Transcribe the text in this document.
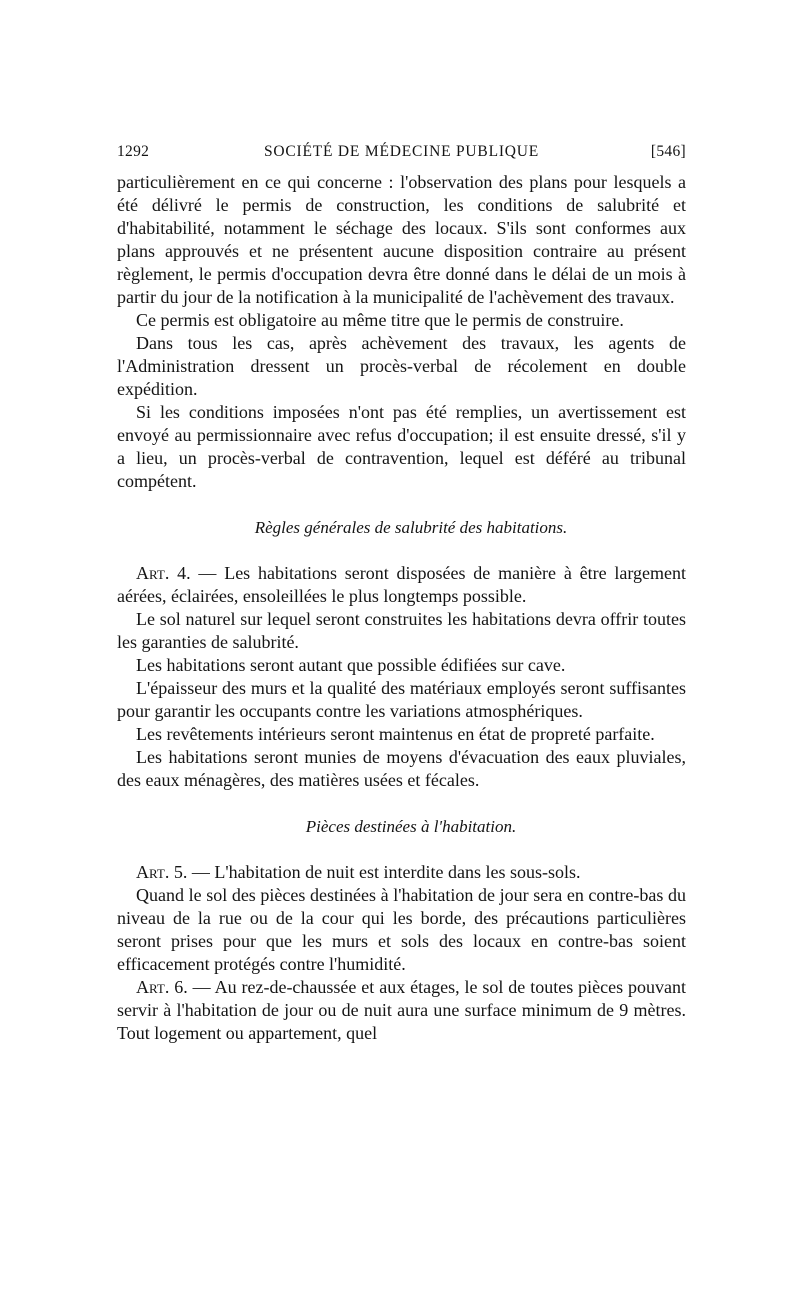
1292	SOCIÉTÉ DE MÉDECINE PUBLIQUE	[546]

particulièrement en ce qui concerne : l'observation des plans pour lesquels a été délivré le permis de construction, les conditions de salubrité et d'habitabilité, notamment le séchage des locaux. S'ils sont conformes aux plans approuvés et ne présentent aucune disposition contraire au présent règlement, le permis d'occupation devra être donné dans le délai de un mois à partir du jour de la notification à la municipalité de l'achèvement des travaux.

Ce permis est obligatoire au même titre que le permis de construire.

Dans tous les cas, après achèvement des travaux, les agents de l'Administration dressent un procès-verbal de récolement en double expédition.

Si les conditions imposées n'ont pas été remplies, un avertissement est envoyé au permissionnaire avec refus d'occupation; il est ensuite dressé, s'il y a lieu, un procès-verbal de contravention, lequel est déféré au tribunal compétent.

Règles générales de salubrité des habitations.

Art. 4. — Les habitations seront disposées de manière à être largement aérées, éclairées, ensoleillées le plus longtemps possible.

Le sol naturel sur lequel seront construites les habitations devra offrir toutes les garanties de salubrité.

Les habitations seront autant que possible édifiées sur cave.

L'épaisseur des murs et la qualité des matériaux employés seront suffisantes pour garantir les occupants contre les variations atmosphériques.

Les revêtements intérieurs seront maintenus en état de propreté parfaite.

Les habitations seront munies de moyens d'évacuation des eaux pluviales, des eaux ménagères, des matières usées et fécales.

Pièces destinées à l'habitation.

Art. 5. — L'habitation de nuit est interdite dans les sous-sols.

Quand le sol des pièces destinées à l'habitation de jour sera en contre-bas du niveau de la rue ou de la cour qui les borde, des précautions particulières seront prises pour que les murs et sols des locaux en contre-bas soient efficacement protégés contre l'humidité.

Art. 6. — Au rez-de-chaussée et aux étages, le sol de toutes pièces pouvant servir à l'habitation de jour ou de nuit aura une surface minimum de 9 mètres. Tout logement ou appartement, quel
